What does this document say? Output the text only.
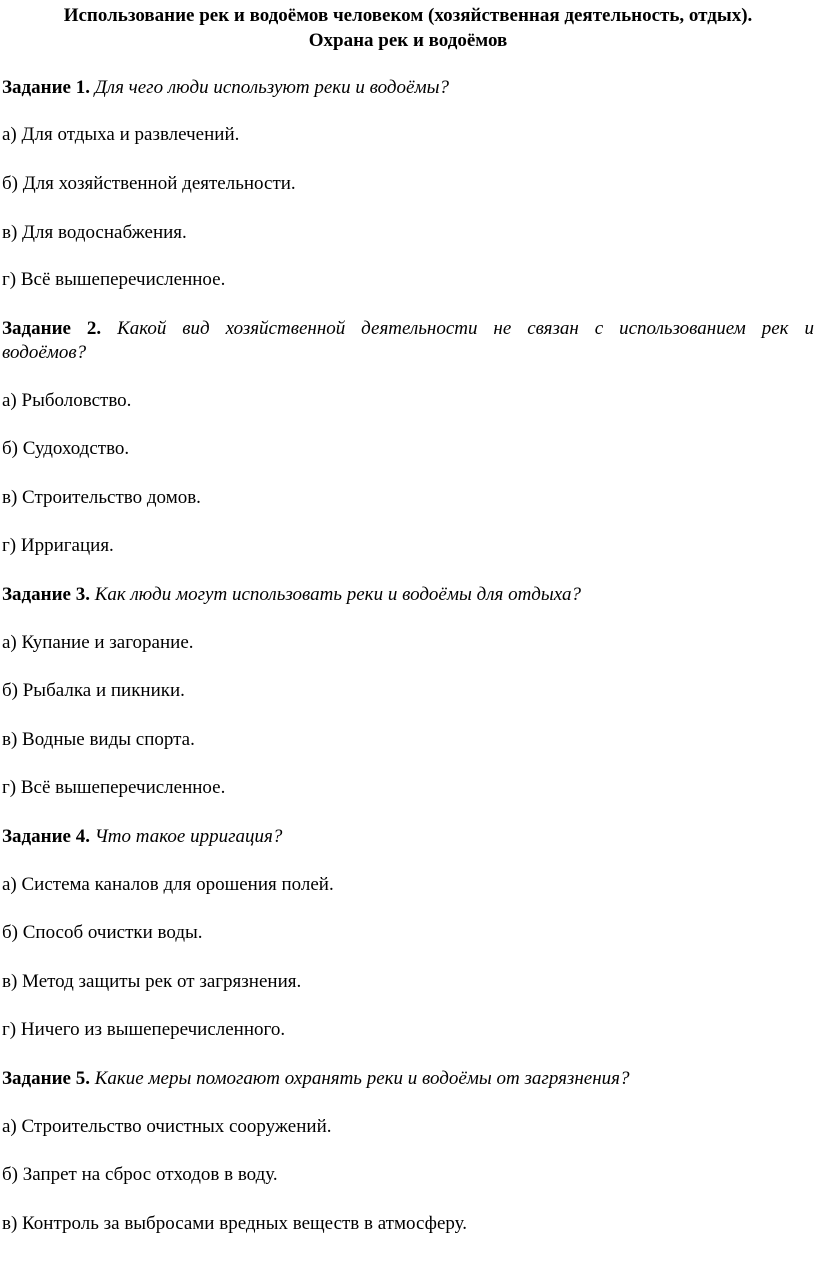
Использование рек и водоёмов человеком (хозяйственная деятельность, отдых).
Охрана рек и водоёмов
Задание 1. Для чего люди используют реки и водоёмы?
а) Для отдыха и развлечений.
б) Для хозяйственной деятельности.
в) Для водоснабжения.
г) Всё вышеперечисленное.
Задание 2. Какой вид хозяйственной деятельности не связан с использованием рек и
водоёмов?
а) Рыболовство.
б) Судоходство.
в) Строительство домов.
г) Ирригация.
Задание 3. Как люди могут использовать реки и водоёмы для отдыха?
а) Купание и загорание.
б) Рыбалка и пикники.
в) Водные виды спорта.
г) Всё вышеперечисленное.
Задание 4. Что такое ирригация?
а) Система каналов для орошения полей.
б) Способ очистки воды.
в) Метод защиты рек от загрязнения.
г) Ничего из вышеперечисленного.
Задание 5. Какие меры помогают охранять реки и водоёмы от загрязнения?
а) Строительство очистных сооружений.
б) Запрет на сброс отходов в воду.
в) Контроль за выбросами вредных веществ в атмосферу.
